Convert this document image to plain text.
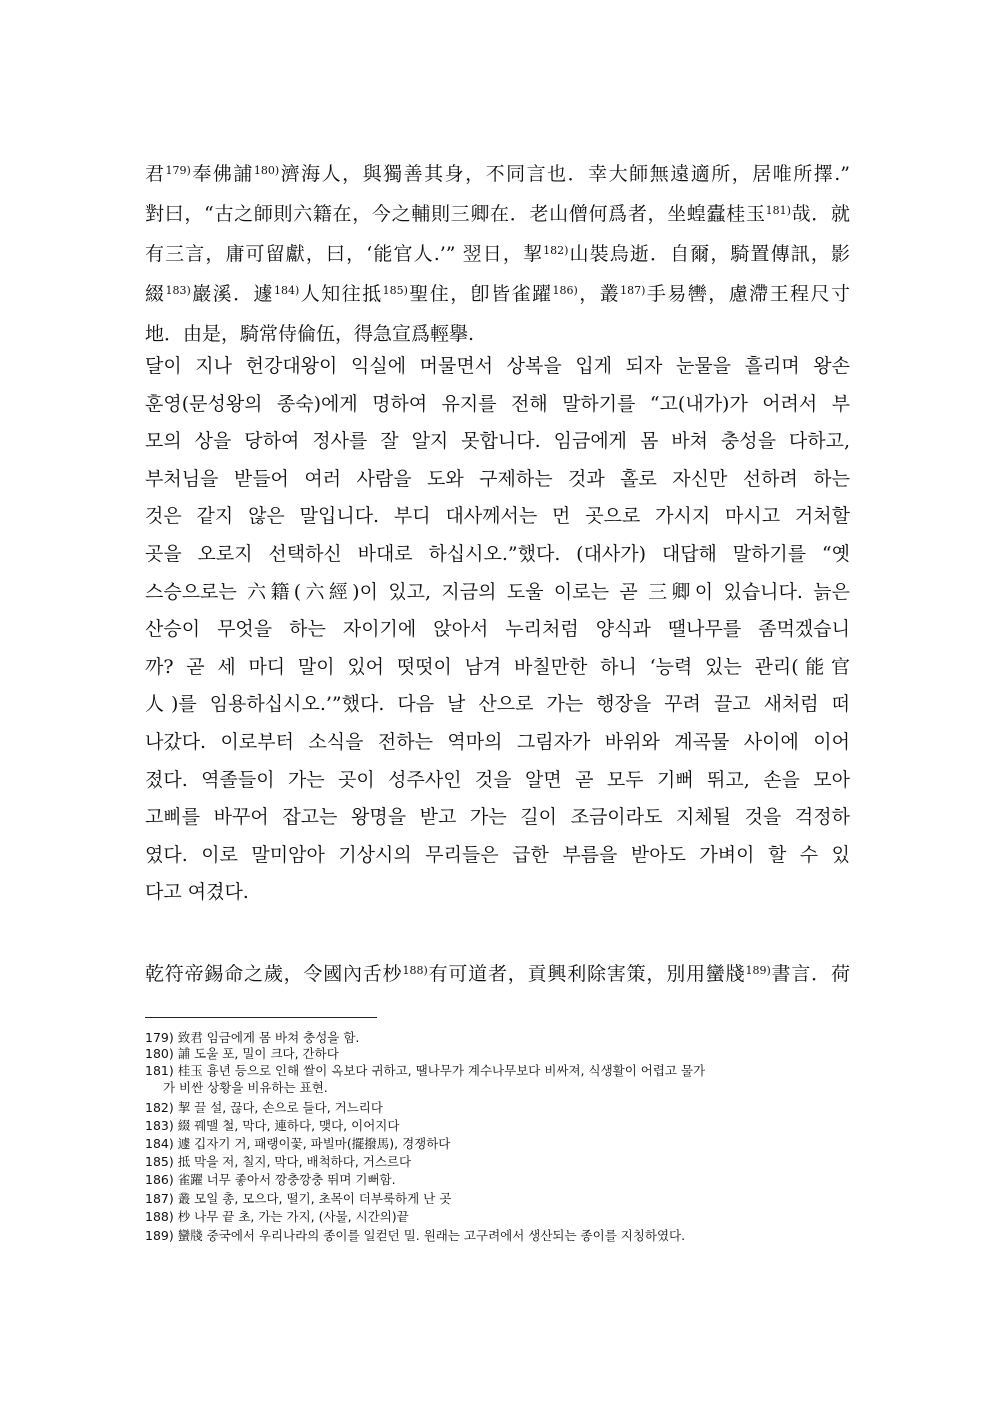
君$^{179)}$奉佛誧$^{180)}$濟海人，與獨善其身，不同言也．幸大師無遠適所，居唯所擇.”
對曰，“古之師則六籍在，今之輔則三卿在．老山僧何爲者，坐蝗蠹桂玉$^{181)}$哉．就
有三言，庸可留獻，曰，‘能官人.’” 翌日，挈$^{182)}$山裝烏逝．自爾，騎置傳訊，影
綴$^{183)}$巖溪．遽$^{184)}$人知往抵$^{185)}$聖住，卽皆雀躍$^{186)}$，叢$^{187)}$手易轡，慮滯王程尺寸
地．由是，騎常侍倫伍，得急宣爲輕擧.
달이 지나 헌강대왕이 익실에 머물면서 상복을 입게 되자 눈물을 흘리며 왕손
훈영(문성왕의 종숙)에게 명하여 유지를 전해 말하기를 “고(내가)가 어려서 부
모의 상을 당하여 정사를 잘 알지 못합니다. 임금에게 몸 바쳐 충성을 다하고,
부처님을 받들어 여러 사람을 도와 구제하는 것과 홀로 자신만 선하려 하는
것은 같지 않은 말입니다. 부디 대사께서는 먼 곳으로 가시지 마시고 거처할
곳을 오로지 선택하신 바대로 하십시오.”했다. (대사가) 대답해 말하기를 “옛
스승으로는 六籍(六經)이 있고, 지금의 도울 이로는 곧 三卿이 있습니다. 늙은
산승이 무엇을 하는 자이기에 앉아서 누리처럼 양식과 땔나무를 좀먹겠습니
까? 곧 세 마디 말이 있어 떳떳이 남겨 바칠만한 하니 ‘능력 있는 관리(能官
人)를 임용하십시오.’”했다. 다음 날 산으로 가는 행장을 꾸려 끌고 새처럼 떠
나갔다. 이로부터 소식을 전하는 역마의 그림자가 바위와 계곡물 사이에 이어
졌다. 역졸들이 가는 곳이 성주사인 것을 알면 곧 모두 기뻐 뛰고, 손을 모아
고삐를 바꾸어 잡고는 왕명을 받고 가는 길이 조금이라도 지체될 것을 걱정하
였다. 이로 말미암아 기상시의 무리들은 급한 부름을 받아도 가벼이 할 수 있
다고 여겼다.
乾符帝錫命之歲，令國內舌杪$^{188)}$有可道者，貢興利除害策，別用蠻牋$^{189)}$書言．荷
179) 致君 임금에게 몸 바쳐 충성을 함.
180) 誧 도울 포, 밀이 크다, 간하다
181) 桂玉 흉년 등으로 인해 쌀이 옥보다 귀하고, 땔나무가 계수나무보다 비싸져, 식생활이 어렵고 물가
가 비싼 상황을 비유하는 표현.
182) 挈 끌 설, 끊다, 손으로 들다, 거느리다
183) 綴 꿰맬 철, 막다, 連하다, 맺다, 이어지다
184) 遽 깁자기 거, 패랭이꽃, 파빌마(擺撥馬), 경쟁하다
185) 抵 막을 저, 칠지, 막다, 배척하다, 거스르다
186) 雀躍 너무 좋아서 깡충깡충 뛰며 기뻐함.
187) 叢 모일 총, 모으다, 떨기, 초목이 더부룩하게 난 곳
188) 杪 나무 끝 초, 가는 가지, (사물, 시간의)끝
189) 蠻牋 중국에서 우리나라의 종이를 일컫던 밀. 원래는 고구려에서 생산되는 종이를 지칭하였다.
